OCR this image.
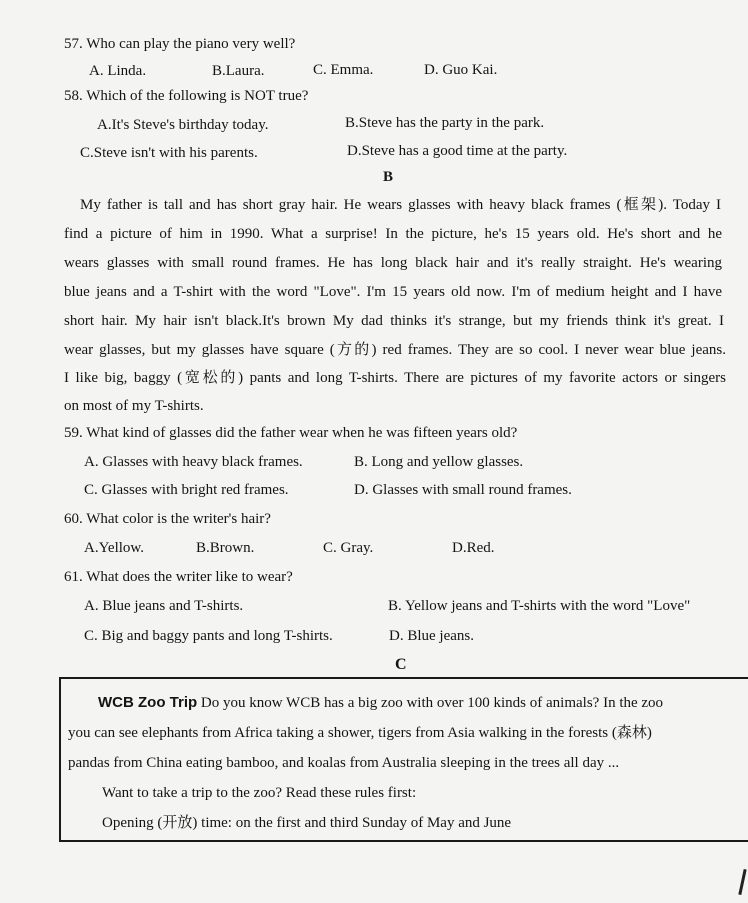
57. Who can play the piano very well?
A. Linda.	B.Laura.	C. Emma.	D. Guo Kai.
58. Which of the following is NOT true?
A.It's Steve's birthday today.	B.Steve has the party in the park.
C.Steve isn't with his parents.	D.Steve has a good time at the party.
B
My father is tall and has short gray hair. He wears glasses with heavy black frames (框架). Today I
find a picture of him in 1990. What a surprise! In the picture, he's 15 years old. He's short and he
wears glasses with small round frames. He has long black hair and it's really straight. He's wearing
blue jeans and a T-shirt with the word "Love". I'm 15 years old now. I'm of medium height and I have
short hair. My hair isn't black.It's brown My dad thinks it's strange, but my friends think it's great. I
wear glasses, but my glasses have square (方的) red frames. They are so cool. I never wear blue jeans.
I like big, baggy (宽松的) pants and long T-shirts. There are pictures of my favorite actors or singers
on most of my T-shirts.
59. What kind of glasses did the father wear when he was fifteen years old?
A. Glasses with heavy black frames.	B. Long and yellow glasses.
C. Glasses with bright red frames.	D. Glasses with small round frames.
60. What color is the writer's hair?
A.Yellow.	B.Brown.	C. Gray.	D.Red.
61. What does the writer like to wear?
A. Blue jeans and T-shirts.	B. Yellow jeans and T-shirts with the word "Love"
C. Big and baggy pants and long T-shirts.	D. Blue jeans.
C
WCB Zoo Trip Do you know WCB has a big zoo with over 100 kinds of animals? In the zoo
you can see elephants from Africa taking a shower, tigers from Asia walking in the forests (森林)
pandas from China eating bamboo, and koalas from Australia sleeping in the trees all day ...
Want to take a trip to the zoo? Read these rules first:
Opening (开放) time: on the first and third Sunday of May and June
